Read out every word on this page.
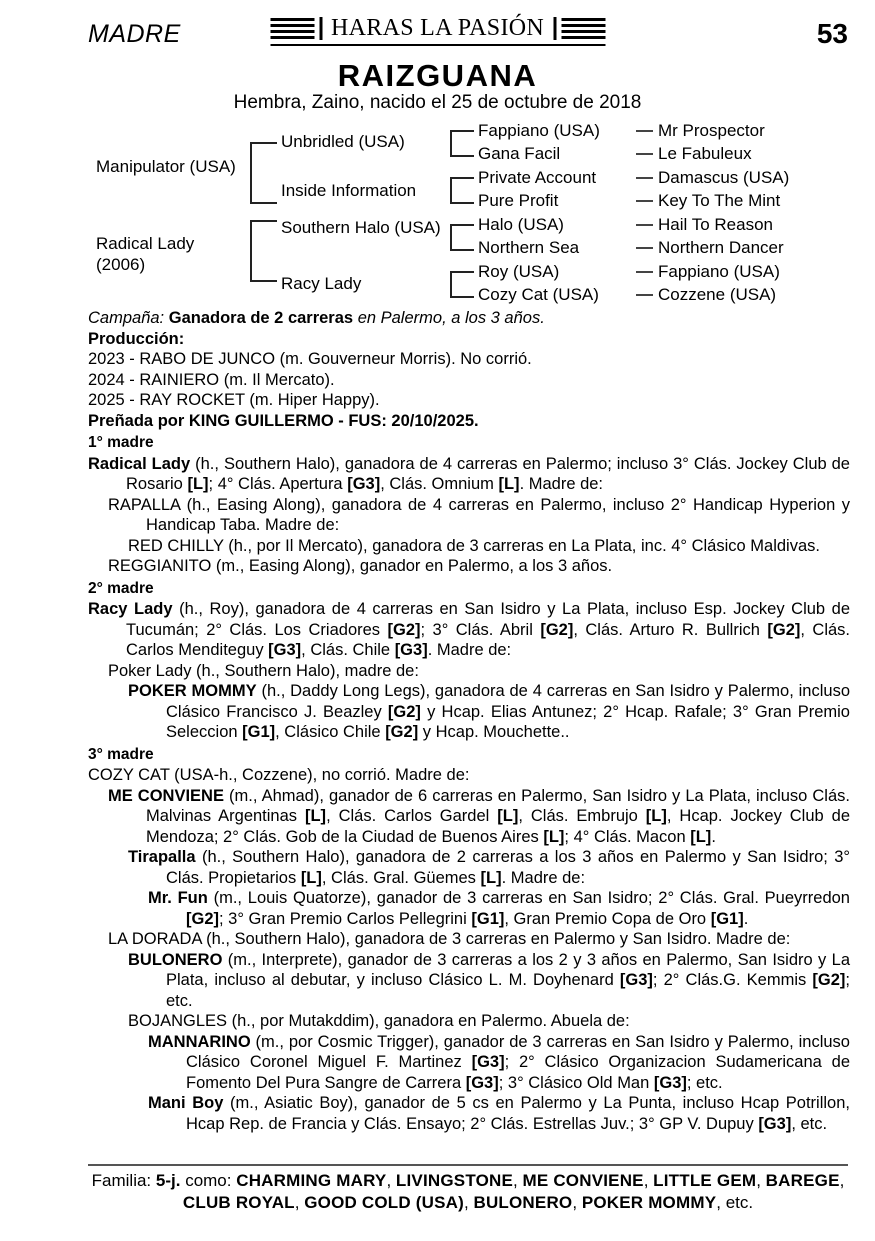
MADRE	HARAS LA PASIÓN	53
RAIZGUANA
Hembra, Zaino, nacido el 25 de octubre de 2018
Manipulator (USA)
Radical Lady (2006)
Unbridled (USA)
Inside Information
Southern Halo (USA)
Racy Lady
Fappiano (USA)
Gana Facil
Private Account
Pure Profit
Halo (USA)
Northern Sea
Roy (USA)
Cozy Cat (USA)
Mr Prospector
Le Fabuleux
Damascus (USA)
Key To The Mint
Hail To Reason
Northern Dancer
Fappiano (USA)
Cozzene (USA)
Campaña: Ganadora de 2 carreras en Palermo, a los 3 años.
Producción:
2023 - RABO DE JUNCO (m. Gouverneur Morris). No corrió.
2024 - RAINIERO (m. Il Mercato).
2025 - RAY ROCKET (m. Hiper Happy).
Preñada por KING GUILLERMO - FUS: 20/10/2025.
1° madre
Radical Lady (h., Southern Halo), ganadora de 4 carreras en Palermo; incluso 3° Clás. Jockey Club de Rosario [L]; 4° Clás. Apertura [G3], Clás. Omnium [L]. Madre de:
RAPALLA (h., Easing Along), ganadora de 4 carreras en Palermo, incluso 2° Handicap Hyperion y Handicap Taba. Madre de:
RED CHILLY (h., por Il Mercato), ganadora de 3 carreras en La Plata, inc. 4° Clásico Maldivas.
REGGIANITO (m., Easing Along), ganador en Palermo, a los 3 años.
2° madre
Racy Lady (h., Roy), ganadora de 4 carreras en San Isidro y La Plata, incluso Esp. Jockey Club de Tucumán; 2° Clás. Los Criadores [G2]; 3° Clás. Abril [G2], Clás. Arturo R. Bullrich [G2], Clás. Carlos Menditeguy [G3], Clás. Chile [G3]. Madre de:
Poker Lady (h., Southern Halo), madre de:
POKER MOMMY (h., Daddy Long Legs), ganadora de 4 carreras en San Isidro y Palermo, incluso Clásico Francisco J. Beazley [G2] y Hcap. Elias Antunez; 2° Hcap. Rafale; 3° Gran Premio Seleccion [G1], Clásico Chile [G2] y Hcap. Mouchette..
3° madre
COZY CAT (USA-h., Cozzene), no corrió. Madre de:
ME CONVIENE (m., Ahmad), ganador de 6 carreras en Palermo, San Isidro y La Plata, incluso Clás. Malvinas Argentinas [L], Clás. Carlos Gardel [L], Clás. Embrujo [L], Hcap. Jockey Club de Mendoza; 2° Clás. Gob de la Ciudad de Buenos Aires [L]; 4° Clás. Macon [L].
Tirapalla (h., Southern Halo), ganadora de 2 carreras a los 3 años en Palermo y San Isidro; 3° Clás. Propietarios [L], Clás. Gral. Güemes [L]. Madre de:
Mr. Fun (m., Louis Quatorze), ganador de 3 carreras en San Isidro; 2° Clás. Gral. Pueyrredon [G2]; 3° Gran Premio Carlos Pellegrini [G1], Gran Premio Copa de Oro [G1].
LA DORADA (h., Southern Halo), ganadora de 3 carreras en Palermo y San Isidro. Madre de:
BULONERO (m., Interprete), ganador de 3 carreras a los 2 y 3 años en Palermo, San Isidro y La Plata, incluso al debutar, y incluso Clásico L. M. Doyhenard [G3]; 2° Clás.G. Kemmis [G2]; etc.
BOJANGLES (h., por Mutakddim), ganadora en Palermo. Abuela de:
MANNARINO (m., por Cosmic Trigger), ganador de 3 carreras en San Isidro y Palermo, incluso Clásico Coronel Miguel F. Martinez [G3]; 2° Clásico Organizacion Sudamericana de Fomento Del Pura Sangre de Carrera [G3]; 3° Clásico Old Man [G3]; etc.
Mani Boy (m., Asiatic Boy), ganador de 5 cs en Palermo y La Punta, incluso Hcap Potrillon, Hcap Rep. de Francia y Clás. Ensayo; 2° Clás. Estrellas Juv.; 3° GP V. Dupuy [G3], etc.
Familia: 5-j. como: CHARMING MARY, LIVINGSTONE, ME CONVIENE, LITTLE GEM, BAREGE, CLUB ROYAL, GOOD COLD (USA), BULONERO, POKER MOMMY, etc.
